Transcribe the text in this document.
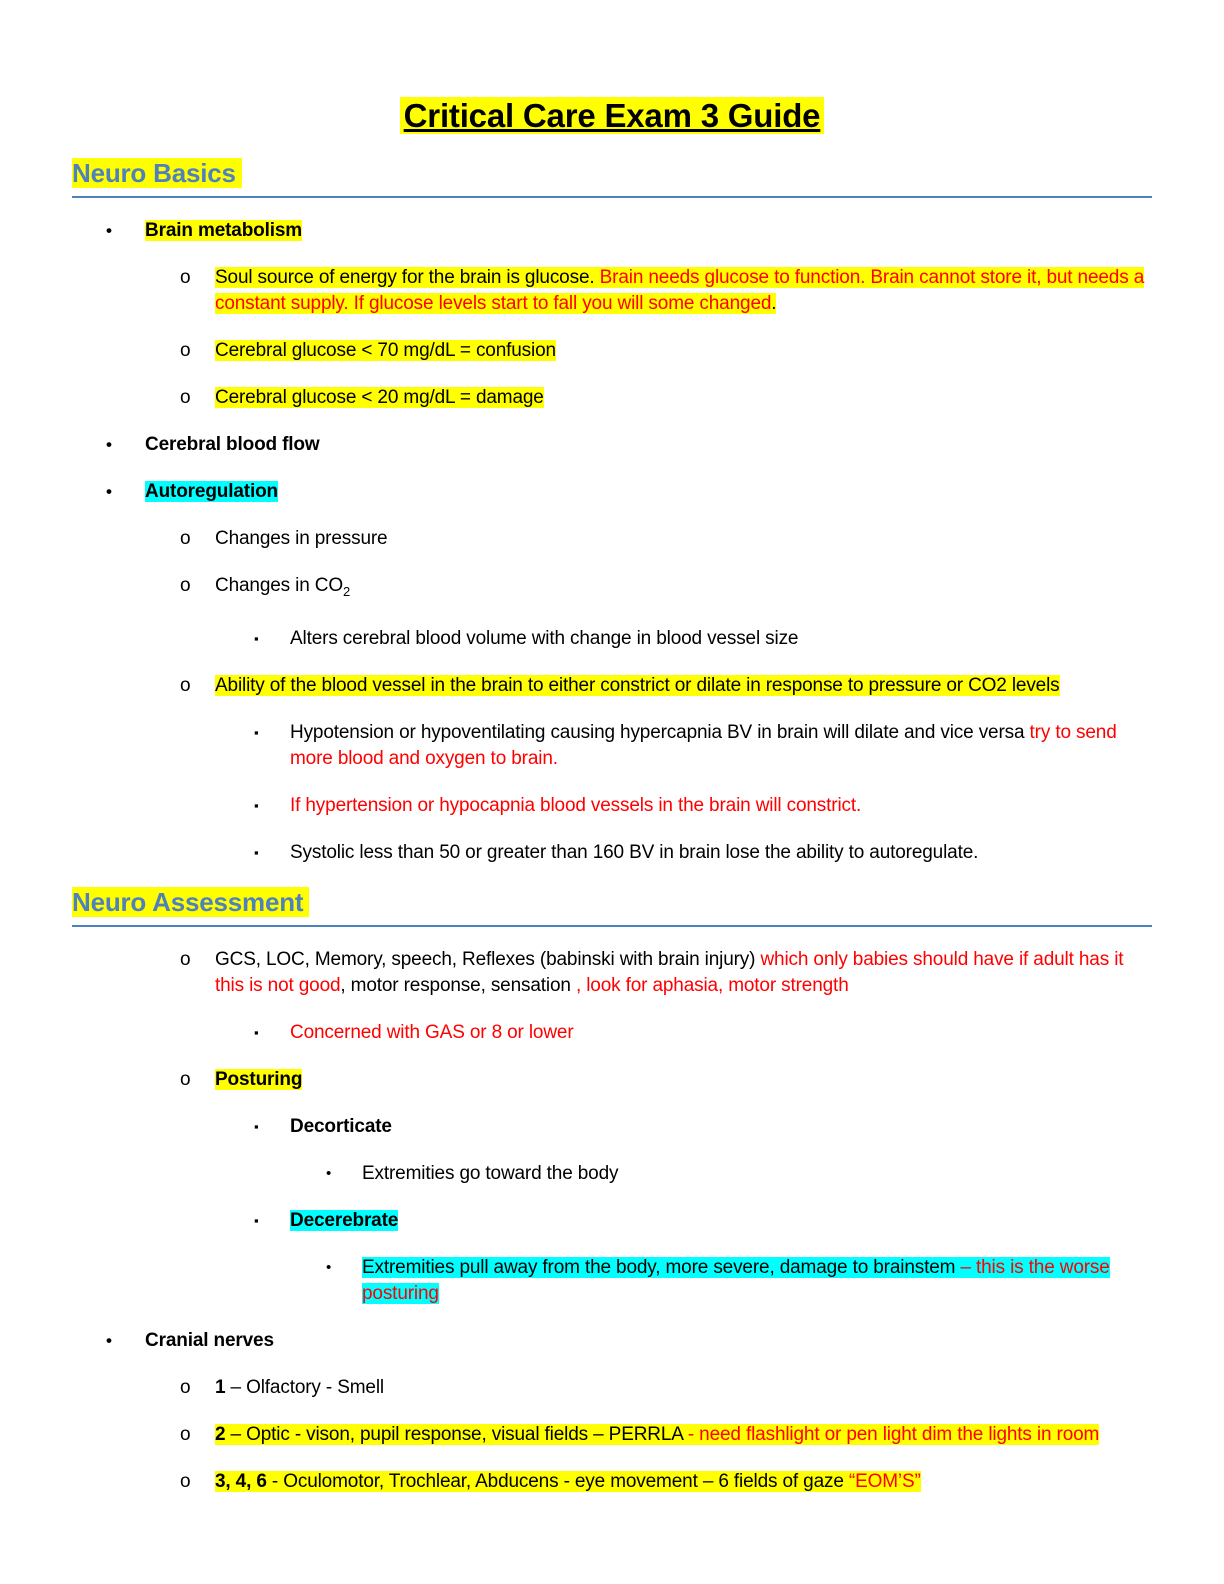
Critical Care Exam 3 Guide
Neuro Basics
• Brain metabolism
o Soul source of energy for the brain is glucose. Brain needs glucose to function. Brain cannot store it, but needs a constant supply. If glucose levels start to fall you will some changed.
o Cerebral glucose < 70 mg/dL = confusion
o Cerebral glucose < 20 mg/dL = damage
• Cerebral blood flow
• Autoregulation
o Changes in pressure
o Changes in $CO_2$
▪ Alters cerebral blood volume with change in blood vessel size
o Ability of the blood vessel in the brain to either constrict or dilate in response to pressure or CO2 levels
▪ Hypotension or hypoventilating causing hypercapnia BV in brain will dilate and vice versa try to send more blood and oxygen to brain.
▪ If hypertension or hypocapnia blood vessels in the brain will constrict.
▪ Systolic less than 50 or greater than 160 BV in brain lose the ability to autoregulate.
Neuro Assessment
o GCS, LOC, Memory, speech, Reflexes (babinski with brain injury) which only babies should have if adult has it this is not good, motor response, sensation , look for aphasia, motor strength
▪ Concerned with GAS or 8 or lower
o Posturing
▪ Decorticate
• Extremities go toward the body
▪ Decerebrate
• Extremities pull away from the body, more severe, damage to brainstem – this is the worse posturing
• Cranial nerves
o 1 – Olfactory - Smell
o 2 – Optic - vison, pupil response, visual fields – PERRLA - need flashlight or pen light dim the lights in room
o 3, 4, 6 - Oculomotor, Trochlear, Abducens - eye movement – 6 fields of gaze “EOM’S”
